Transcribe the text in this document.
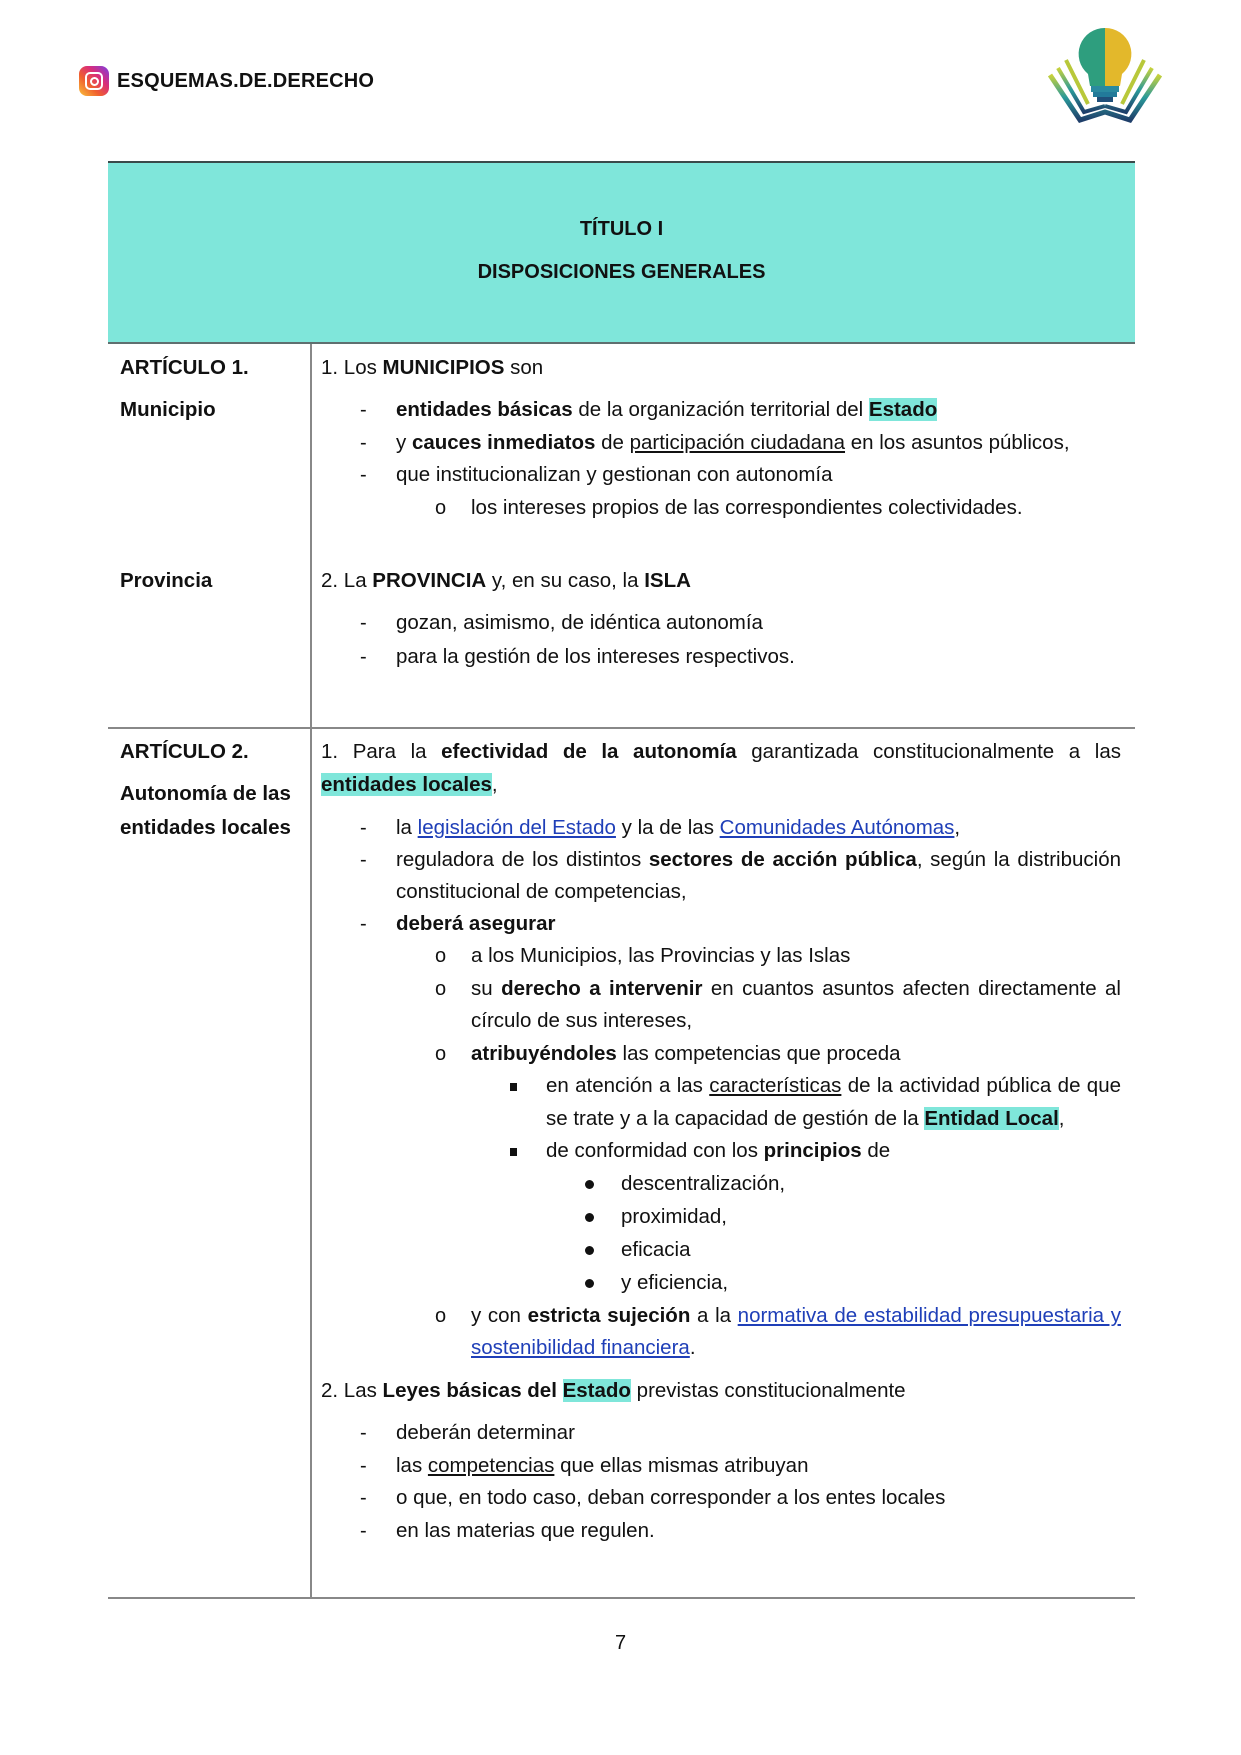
ESQUEMAS.DE.DERECHO
TÍTULO I
DISPOSICIONES GENERALES
ARTÍCULO 1.
Municipio
Provincia
1. Los MUNICIPIOS son
- entidades básicas de la organización territorial del Estado
- y cauces inmediatos de participación ciudadana en los asuntos públicos,
- que institucionalizan y gestionan con autonomía
o los intereses propios de las correspondientes colectividades.
2. La PROVINCIA y, en su caso, la ISLA
- gozan, asimismo, de idéntica autonomía
- para la gestión de los intereses respectivos.
ARTÍCULO 2.
Autonomía de las
entidades locales
1. Para la efectividad de la autonomía garantizada constitucionalmente a las
entidades locales,
- la legislación del Estado y la de las Comunidades Autónomas,
- reguladora de los distintos sectores de acción pública, según la distribución
constitucional de competencias,
- deberá asegurar
o a los Municipios, las Provincias y las Islas
o su derecho a intervenir en cuantos asuntos afecten directamente al
círculo de sus intereses,
o atribuyéndoles las competencias que proceda
en atención a las características de la actividad pública de que
se trate y a la capacidad de gestión de la Entidad Local,
de conformidad con los principios de
descentralización,
proximidad,
eficacia
y eficiencia,
o y con estricta sujeción a la normativa de estabilidad presupuestaria y
sostenibilidad financiera.
2. Las Leyes básicas del Estado previstas constitucionalmente
- deberán determinar
- las competencias que ellas mismas atribuyan
- o que, en todo caso, deban corresponder a los entes locales
- en las materias que regulen.
7
